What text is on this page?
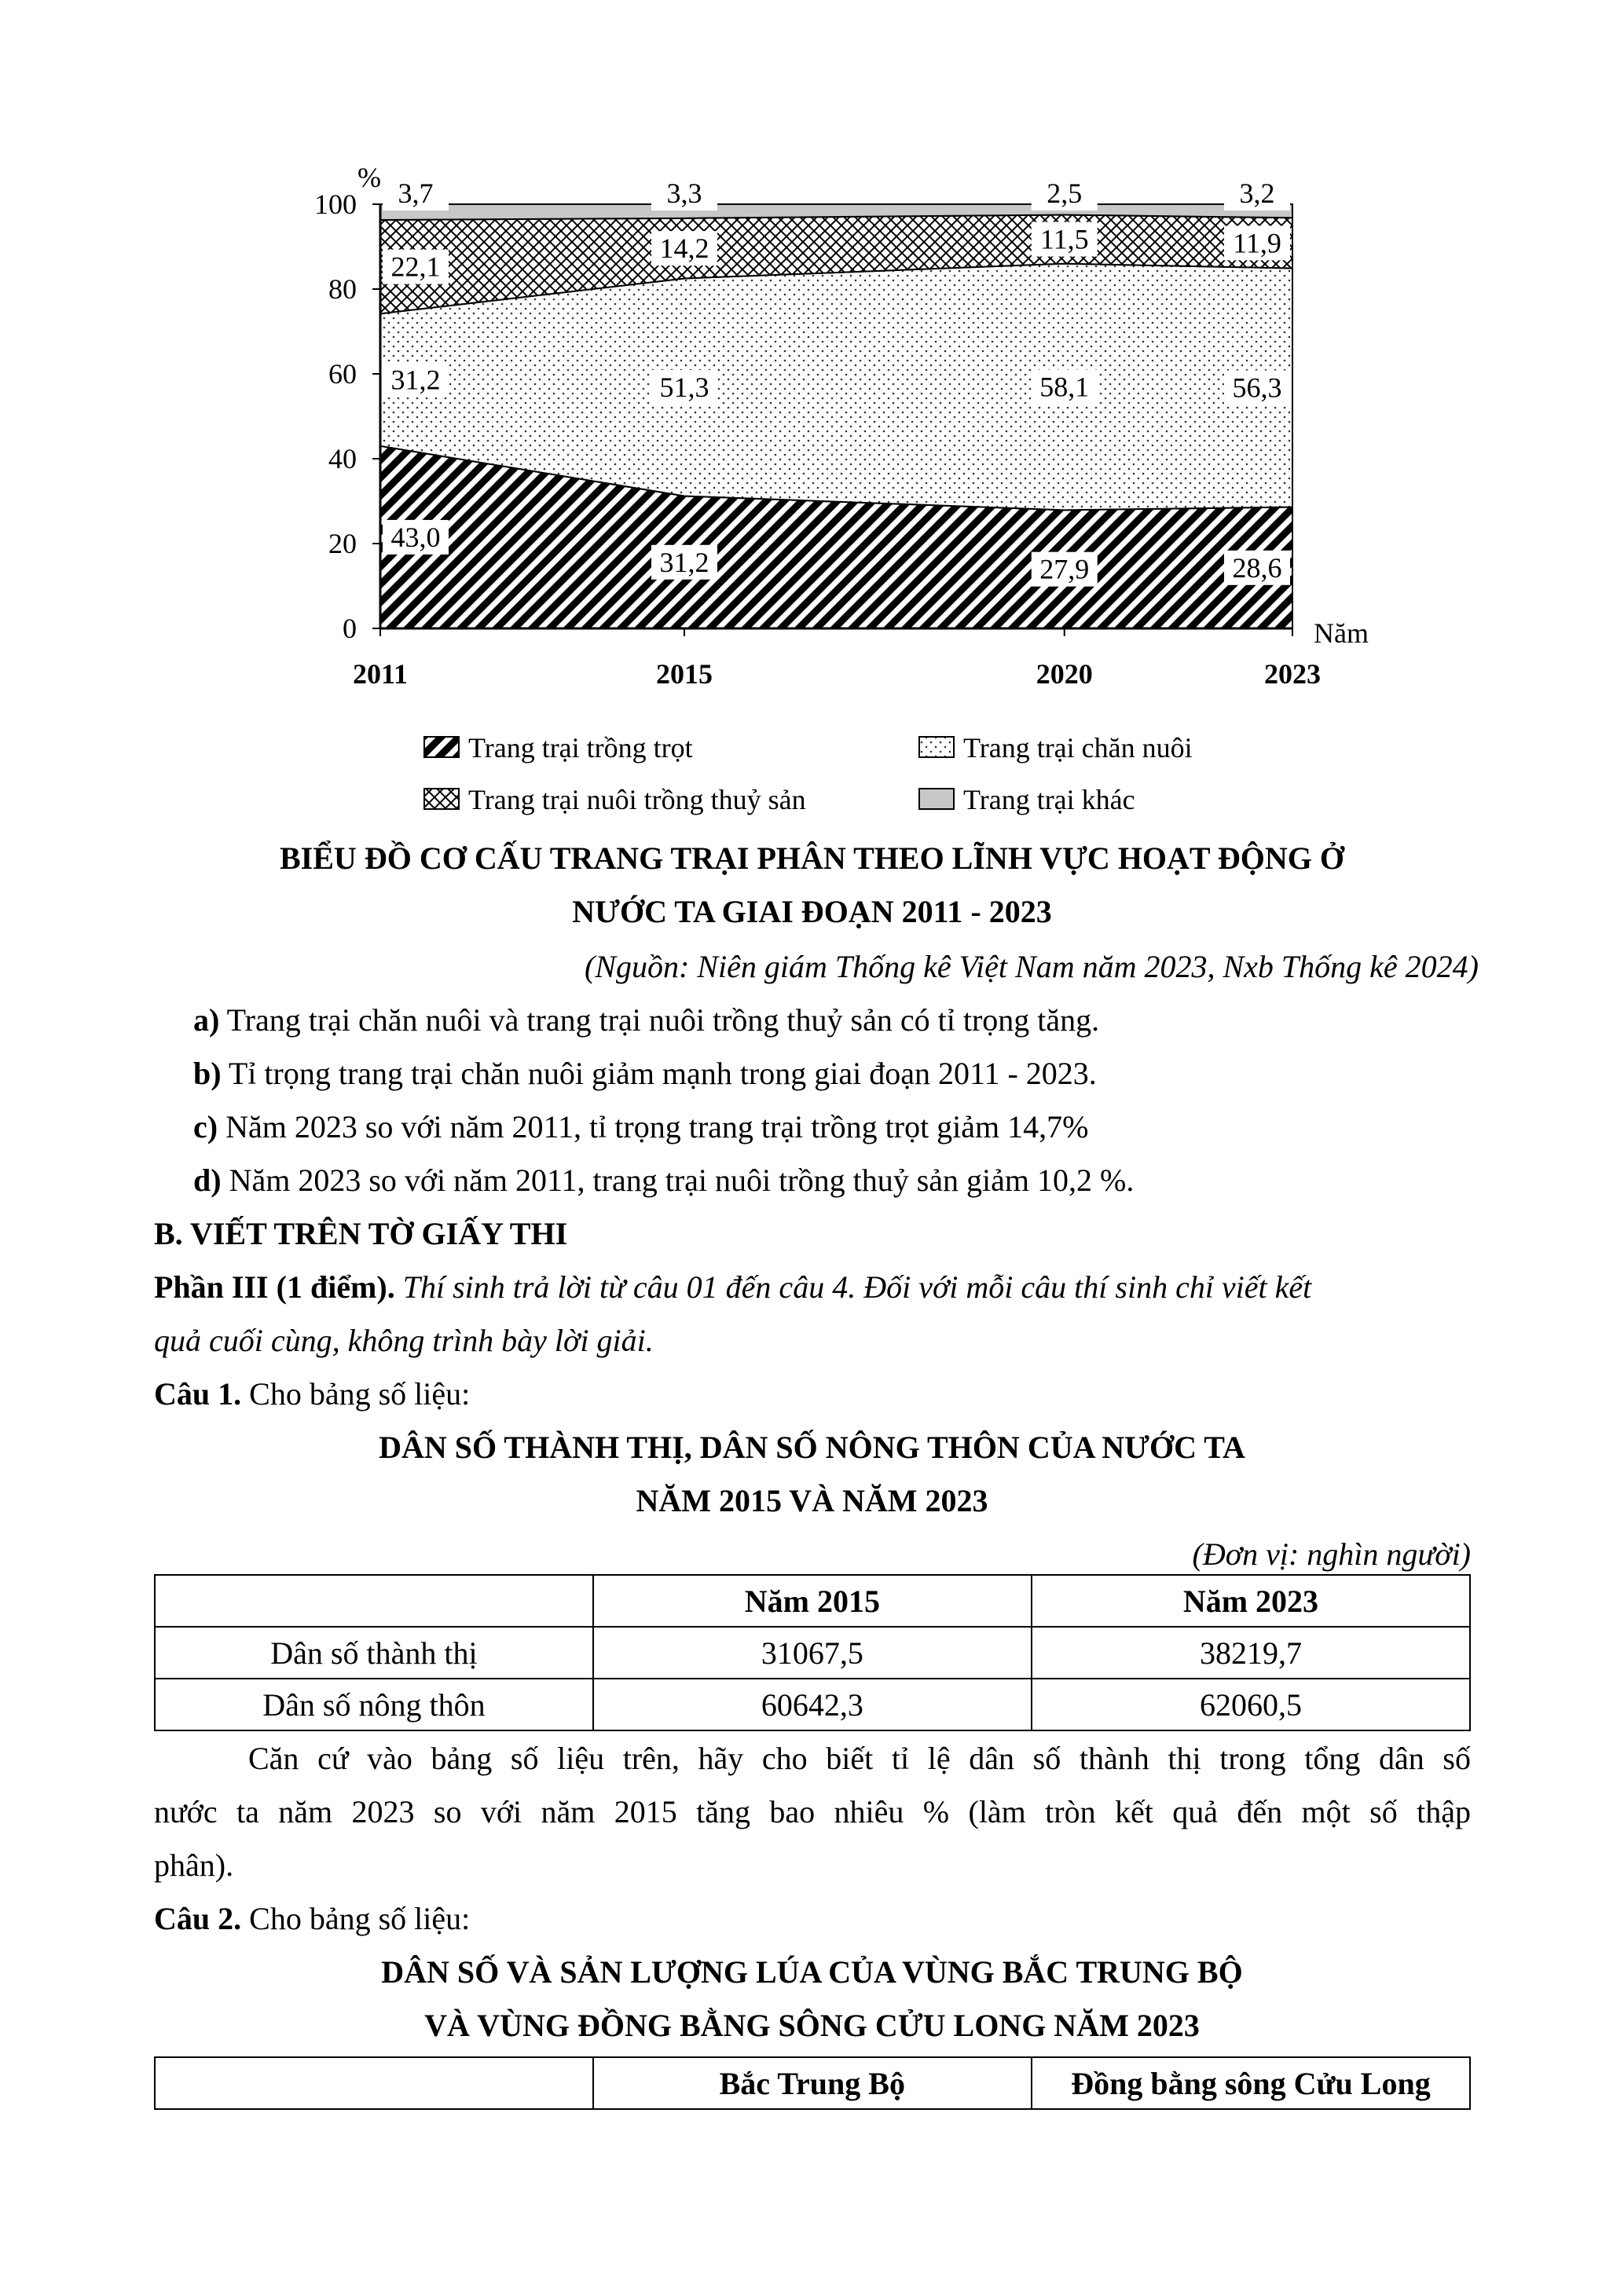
0
20
40
60
80
100
2011	2015	2020	2023
43,0
31,2	27,9	28,6
31,2	51,3	58,1	56,3
22,1
14,2	11,5	11,9
3,7	3,3	2,5	3,2
%
Năm
Trang trại trồng trọt	Trang trại chăn nuôi
Trang trại nuôi trồng thuỷ sản	Trang trại khác
BIỂU ĐỒ CƠ CẤU TRANG TRẠI PHÂN THEO LĨNH VỰC HOẠT ĐỘNG Ở
NƯỚC TA GIAI ĐOẠN 2011 - 2023
(Nguồn: Niên giám Thống kê Việt Nam năm 2023, Nxb Thống kê 2024)
a) Trang trại chăn nuôi và trang trại nuôi trồng thuỷ sản có tỉ trọng tăng.
b) Tỉ trọng trang trại chăn nuôi giảm mạnh trong giai đoạn 2011 - 2023.
c) Năm 2023 so với năm 2011, tỉ trọng trang trại trồng trọt giảm 14,7%
d) Năm 2023 so với năm 2011, trang trại nuôi trồng thuỷ sản giảm 10,2 %.
B. VIẾT TRÊN TỜ GIẤY THI
Phần III (1 điểm). Thí sinh trả lời từ câu 01 đến câu 4. Đối với mỗi câu thí sinh chỉ viết kết
quả cuối cùng, không trình bày lời giải.
Câu 1. Cho bảng số liệu:
DÂN SỐ THÀNH THỊ, DÂN SỐ NÔNG THÔN CỦA NƯỚC TA
NĂM 2015 VÀ NĂM 2023
(Đơn vị: nghìn người)
	Năm 2015	Năm 2023
Dân số thành thị	31067,5	38219,7
Dân số nông thôn	60642,3	62060,5
Căn cứ vào bảng số liệu trên, hãy cho biết tỉ lệ dân số thành thị trong tổng dân số
nước ta năm 2023 so với năm 2015 tăng bao nhiêu % (làm tròn kết quả đến một số thập
phân).
Câu 2. Cho bảng số liệu:
DÂN SỐ VÀ SẢN LƯỢNG LÚA CỦA VÙNG BẮC TRUNG BỘ
VÀ VÙNG ĐỒNG BẰNG SÔNG CỬU LONG NĂM 2023
	Bắc Trung Bộ	Đồng bằng sông Cửu Long
